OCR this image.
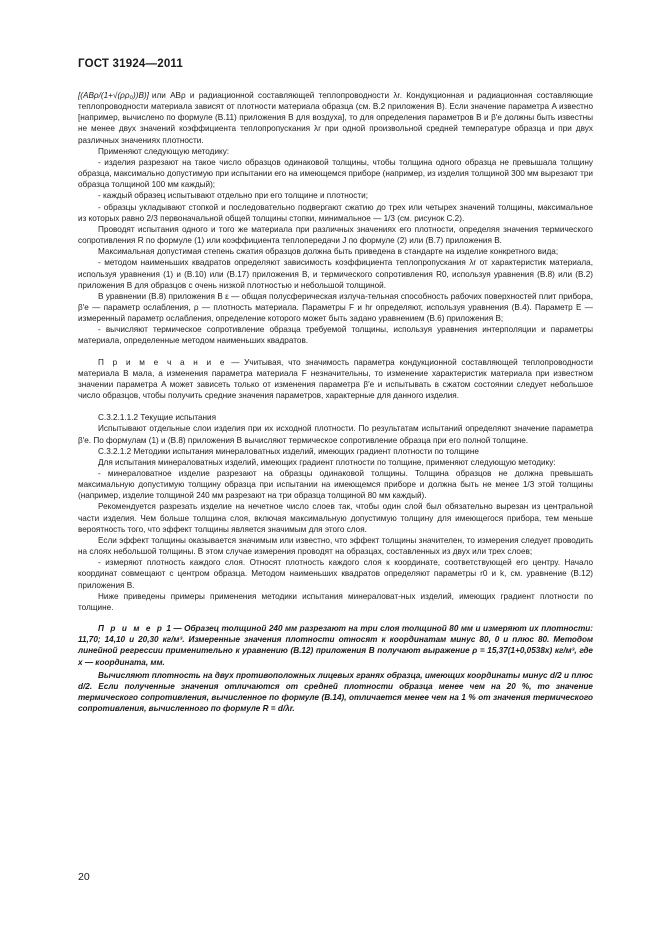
ГОСТ 31924—2011

[(ABρ/(1+√(ρρ₀))B)] или ABρ и радиационной составляющей теплопроводности λr. Кондукционная и радиационная составляющие теплопроводности материала зависят от плотности материала образца (см. В.2 приложения В). Если значение параметра A известно [например, вычислено по формуле (В.11) приложения В для воздуха], то для определения параметров B и β′e должны быть известны не менее двух значений коэффициента теплопропускания λr при одной произвольной средней температуре образца и при двух различных значениях плотности.

Применяют следующую методику:

- изделия разрезают на такое число образцов одинаковой толщины, чтобы толщина одного образца не превышала толщину образца, максимально допустимую при испытании его на имеющемся приборе (например, из изделия толщиной 300 мм вырезают три образца толщиной 100 мм каждый);

- каждый образец испытывают отдельно при его толщине и плотности;

- образцы укладывают стопкой и последовательно подвергают сжатию до трех или четырех значений толщины, максимальное из которых равно 2/3 первоначальной общей толщины стопки, минимальное — 1/3 (см. рисунок С.2).

Проводят испытания одного и того же материала при различных значениях его плотности, определяя значения термического сопротивления R по формуле (1) или коэффициента теплопередачи J по формуле (2) или (В.7) приложения В.

Максимальная допустимая степень сжатия образцов должна быть приведена в стандарте на изделие конкретного вида;

- методом наименьших квадратов определяют зависимость коэффициента теплопропускания λr от характеристик материала, используя уравнения (1) и (В.10) или (В.17) приложения В, и термического сопротивления R0, используя уравнения (В.8) или (В.2) приложения В для образцов с очень низкой плотностью и небольшой толщиной.

В уравнении (В.8) приложения В ε — общая полусферическая излуча-тельная способность рабочих поверхностей плит прибора, β′e — параметр ослабления, ρ — плотность материала. Параметры F и hr определяют, используя уравнения (В.4). Параметр E — измеренный параметр ослабления, определение которого может быть задано уравнением (В.6) приложения В;

- вычисляют термическое сопротивление образца требуемой толщины, используя уравнения интерполяции и параметры материала, определенные методом наименьших квадратов.

П р и м е ч а н и е — Учитывая, что значимость параметра кондукционной составляющей теплопроводности материала B мала, а изменения параметра материала F незначительны, то изменение характеристик материала при известном значении параметра A может зависеть только от изменения параметра β′e и испытывать в сжатом состоянии следует небольшое число образцов, чтобы получить средние значения параметров, характерные для данного изделия.

С.3.2.1.1.2 Текущие испытания

Испытывают отдельные слои изделия при их исходной плотности. По результатам испытаний определяют значение параметра β′e. По формулам (1) и (В.8) приложения В вычисляют термическое сопротивление образца при его полной толщине.

С.3.2.1.2 Методики испытания минераловатных изделий, имеющих градиент плотности по толщине

Для испытания минераловатных изделий, имеющих градиент плотности по толщине, применяют следующую методику:

- минераловатное изделие разрезают на образцы одинаковой толщины. Толщина образцов не должна превышать максимальную допустимую толщину образца при испытании на имеющемся приборе и должна быть не менее 1/3 этой толщины (например, изделие толщиной 240 мм разрезают на три образца толщиной 80 мм каждый).

Рекомендуется разрезать изделие на нечетное число слоев так, чтобы один слой был обязательно вырезан из центральной части изделия. Чем больше толщина слоя, включая максимальную допустимую толщину для имеющегося прибора, тем меньше вероятность того, что эффект толщины является значимым для этого слоя.

Если эффект толщины оказывается значимым или известно, что эффект толщины значителен, то измерения следует проводить на слоях небольшой толщины. В этом случае измерения проводят на образцах, составленных из двух или трех слоев;

- измеряют плотность каждого слоя. Относят плотность каждого слоя к координате, соответствующей его центру. Начало координат совмещают с центром образца. Методом наименьших квадратов определяют параметры r0 и k, см. уравнение (В.12) приложения В.

Ниже приведены примеры применения методики испытания минераловат-ных изделий, имеющих градиент плотности по толщине.

П р и м е р 1 — Образец толщиной 240 мм разрезают на три слоя толщиной 80 мм и измеряют их плотности: 11,70; 14,10 и 20,30 кг/м³. Измеренные значения плотности относят к координатам минус 80, 0 и плюс 80. Методом линейной регрессии применительно к уравнению (В.12) приложения В получают выражение ρ = 15,37(1+0,0538x) кг/м³, где x — координата, мм.

Вычисляют плотность на двух противоположных лицевых гранях образца, имеющих координаты минус d/2 и плюс d/2. Если полученные значения отличаются от средней плотности образца менее чем на 20 %, то значение термического сопротивления, вычисленное по формуле (В.14), отличается менее чем на 1 % от значения термического сопротивления, вычисленного по формуле R = d/λr.

20
